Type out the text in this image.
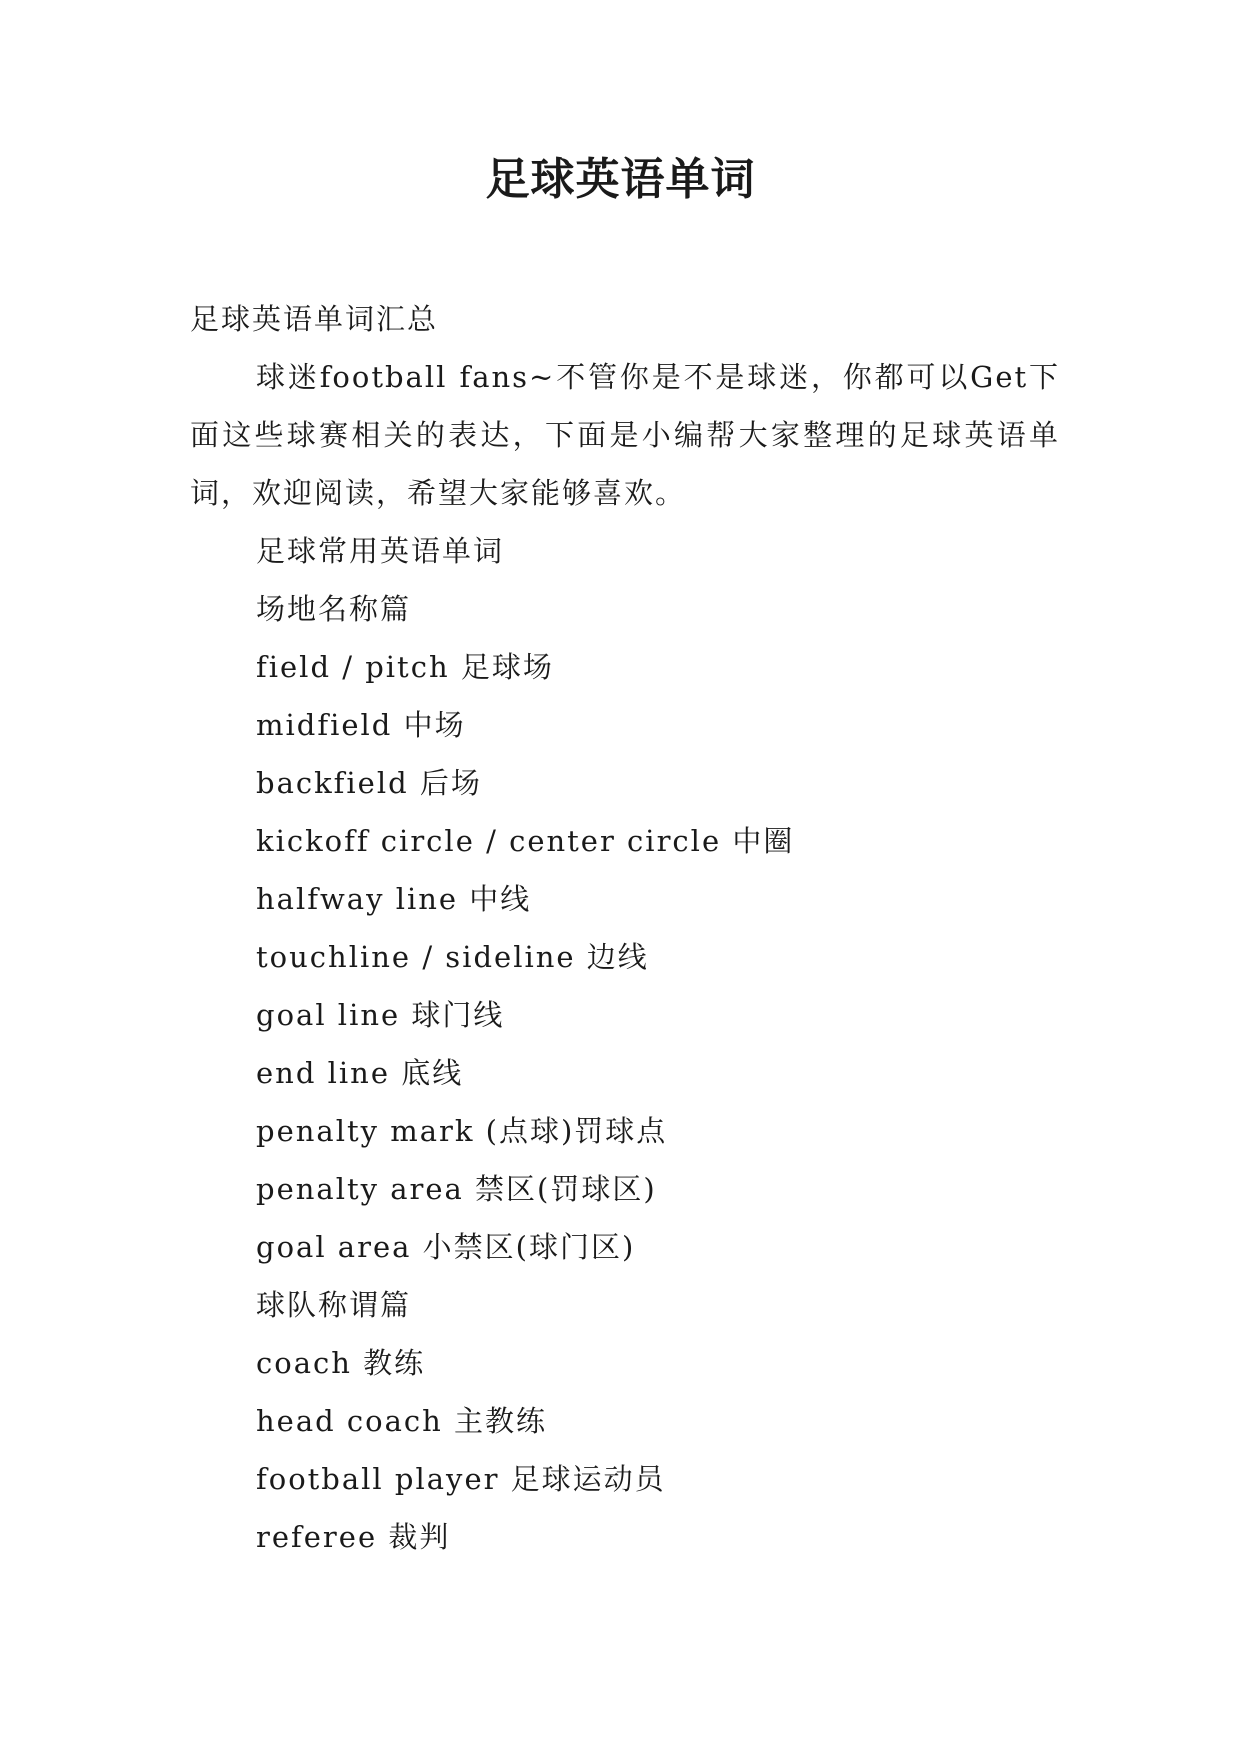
足球英语单词

足球英语单词汇总

球迷football fans~不管你是不是球迷，你都可以Get下面这些球赛相关的表达，下面是小编帮大家整理的足球英语单词，欢迎阅读，希望大家能够喜欢。

足球常用英语单词
场地名称篇
field / pitch 足球场
midfield 中场
backfield 后场
kickoff circle / center circle 中圈
halfway line 中线
touchline / sideline 边线
goal line 球门线
end line 底线
penalty mark (点球)罚球点
penalty area 禁区(罚球区)
goal area 小禁区(球门区)
球队称谓篇
coach 教练
head coach 主教练
football player 足球运动员
referee 裁判
